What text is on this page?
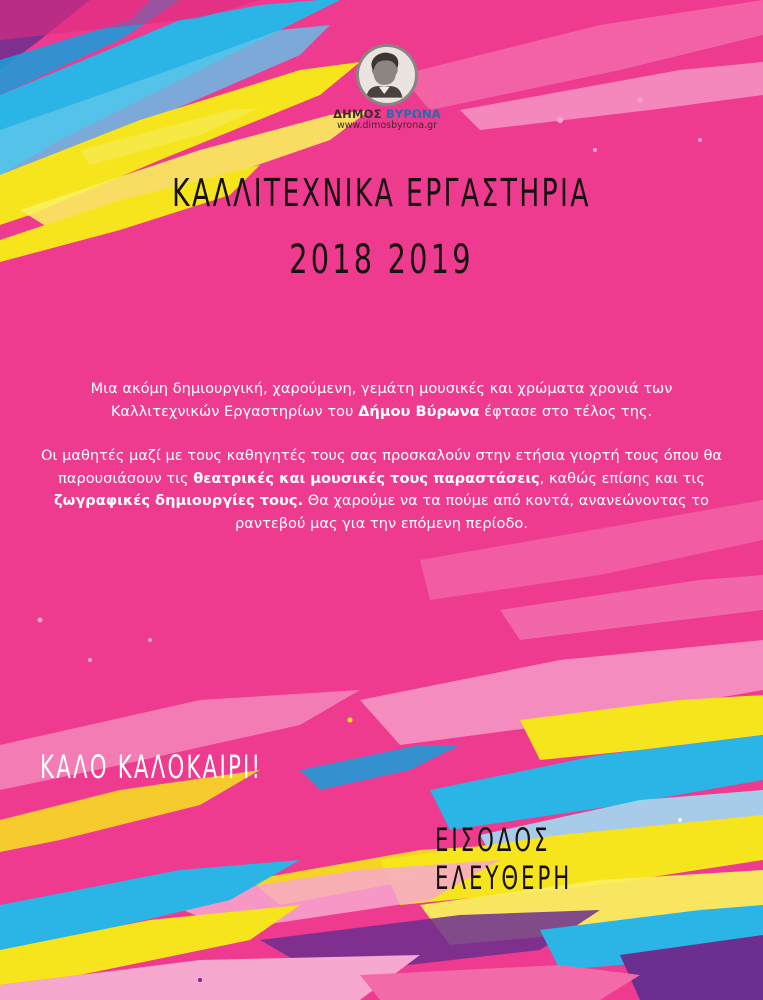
ΔΗΜΟΣ ΒΥΡΩΝΑ
www.dimosbyrona.gr
ΚΑΛΛΙΤΕΧΝΙΚΑ ΕΡΓΑΣΤΗΡΙΑ
2018 2019

Μια ακόμη δημιουργική, χαρούμενη, γεμάτη μουσικές και χρώματα χρονιά των Καλλιτεχνικών Εργαστηρίων του Δήμου Βύρωνα έφτασε στο τέλος της.

Οι μαθητές μαζί με τους καθηγητές τους σας προσκαλούν στην ετήσια γιορτή τους όπου θα παρουσιάσουν τις θεατρικές και μουσικές τους παραστάσεις, καθώς επίσης και τις ζωγραφικές δημιουργίες τους. Θα χαρούμε να τα πούμε από κοντά, ανανεώνοντας το ραντεβού μας για την επόμενη περίοδο.

ΚΑΛΟ ΚΑΛΟΚΑΙΡΙ!
ΕΙΣΟΔΟΣ ΕΛΕΥΘΕΡΗ
